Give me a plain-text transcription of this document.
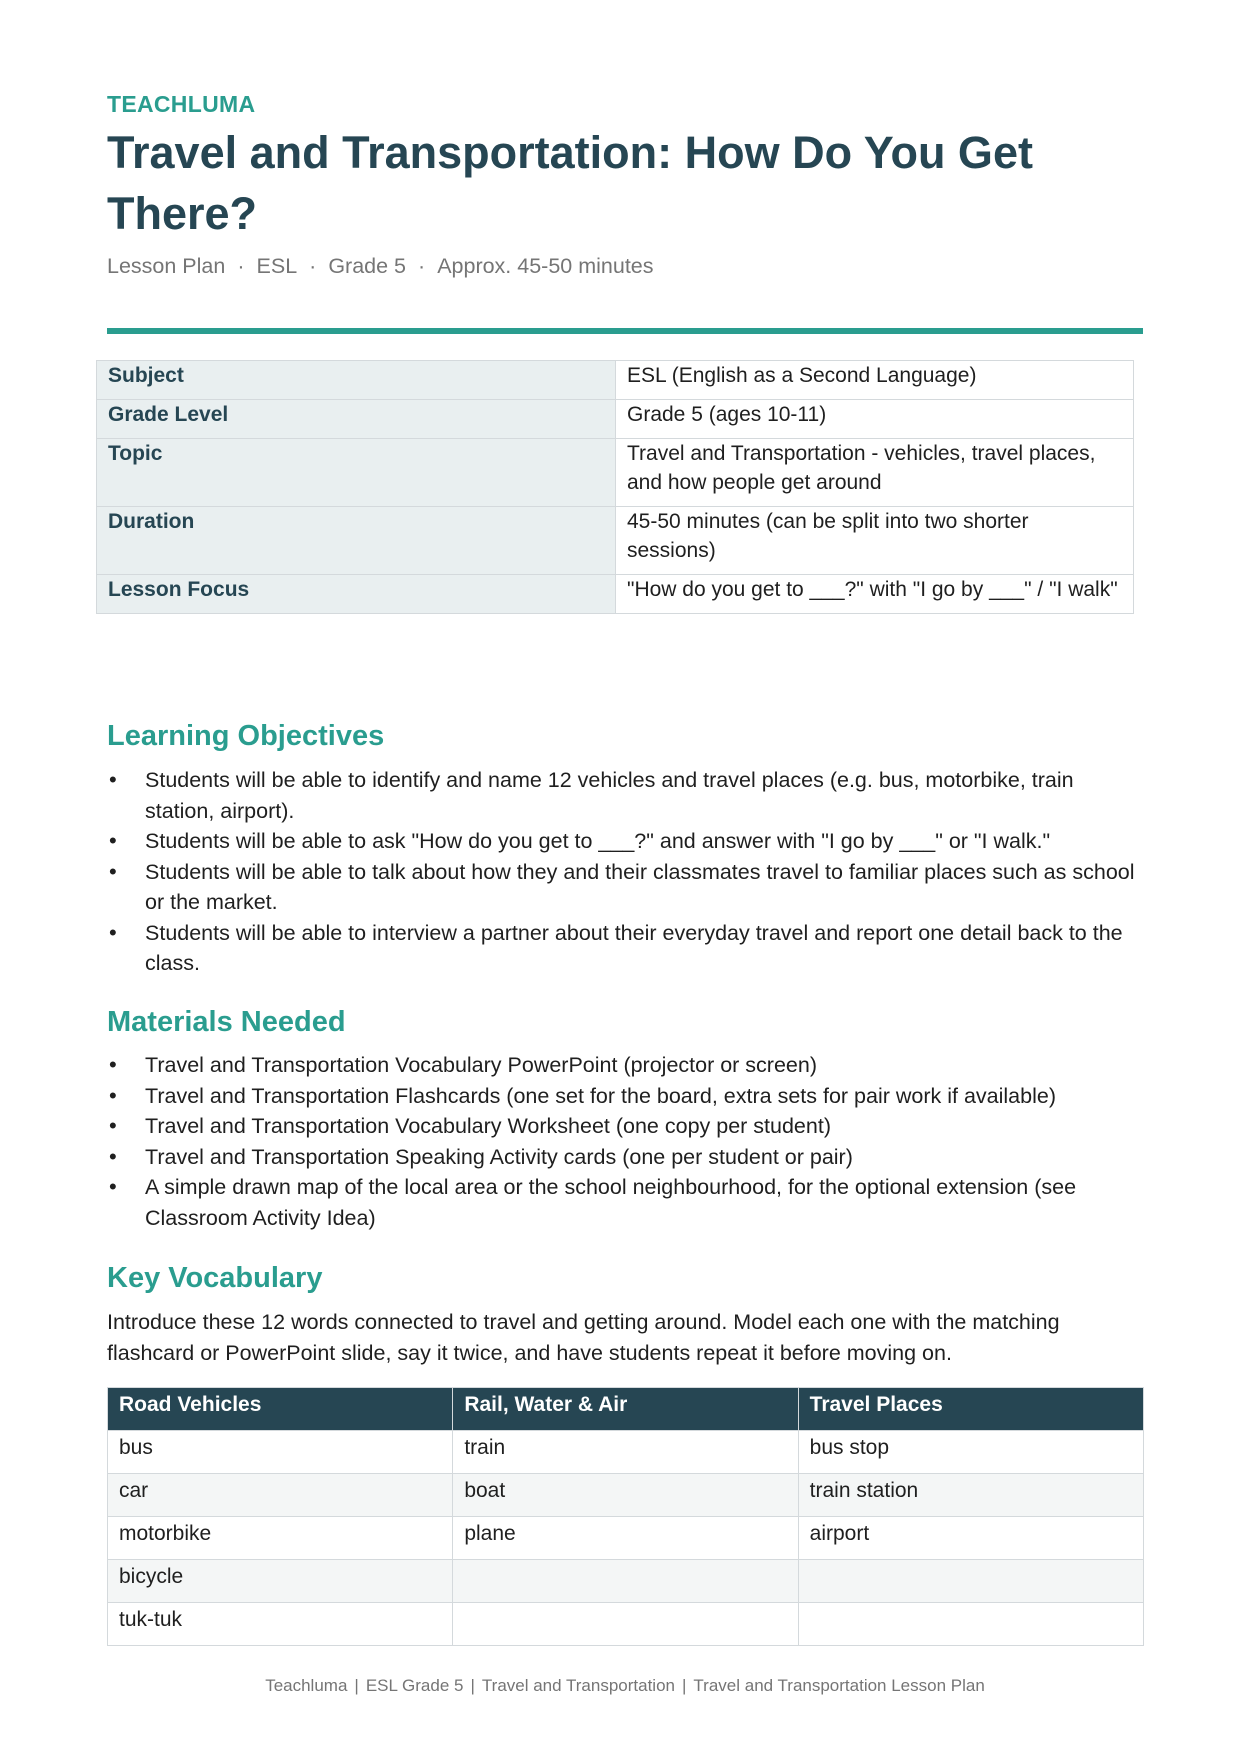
TEACHLUMA
Travel and Transportation: How Do You Get There?
Lesson Plan · ESL · Grade 5 · Approx. 45-50 minutes
Subject	ESL (English as a Second Language)
Grade Level	Grade 5 (ages 10-11)
Topic	Travel and Transportation - vehicles, travel places, and how people get around
Duration	45-50 minutes (can be split into two shorter sessions)
Lesson Focus	"How do you get to ___?" with "I go by ___" / "I walk"
Learning Objectives
• Students will be able to identify and name 12 vehicles and travel places (e.g. bus, motorbike, train station, airport).
• Students will be able to ask "How do you get to ___?" and answer with "I go by ___" or "I walk."
• Students will be able to talk about how they and their classmates travel to familiar places such as school or the market.
• Students will be able to interview a partner about their everyday travel and report one detail back to the class.
Materials Needed
• Travel and Transportation Vocabulary PowerPoint (projector or screen)
• Travel and Transportation Flashcards (one set for the board, extra sets for pair work if available)
• Travel and Transportation Vocabulary Worksheet (one copy per student)
• Travel and Transportation Speaking Activity cards (one per student or pair)
• A simple drawn map of the local area or the school neighbourhood, for the optional extension (see Classroom Activity Idea)
Key Vocabulary

Introduce these 12 words connected to travel and getting around. Model each one with the matching flashcard or PowerPoint slide, say it twice, and have students repeat it before moving on.

Road Vehicles	Rail, Water & Air	Travel Places
bus	train	bus stop
car	boat	train station
motorbike	plane	airport
bicycle		
tuk-tuk		
Teachluma | ESL Grade 5 | Travel and Transportation | Travel and Transportation Lesson Plan
